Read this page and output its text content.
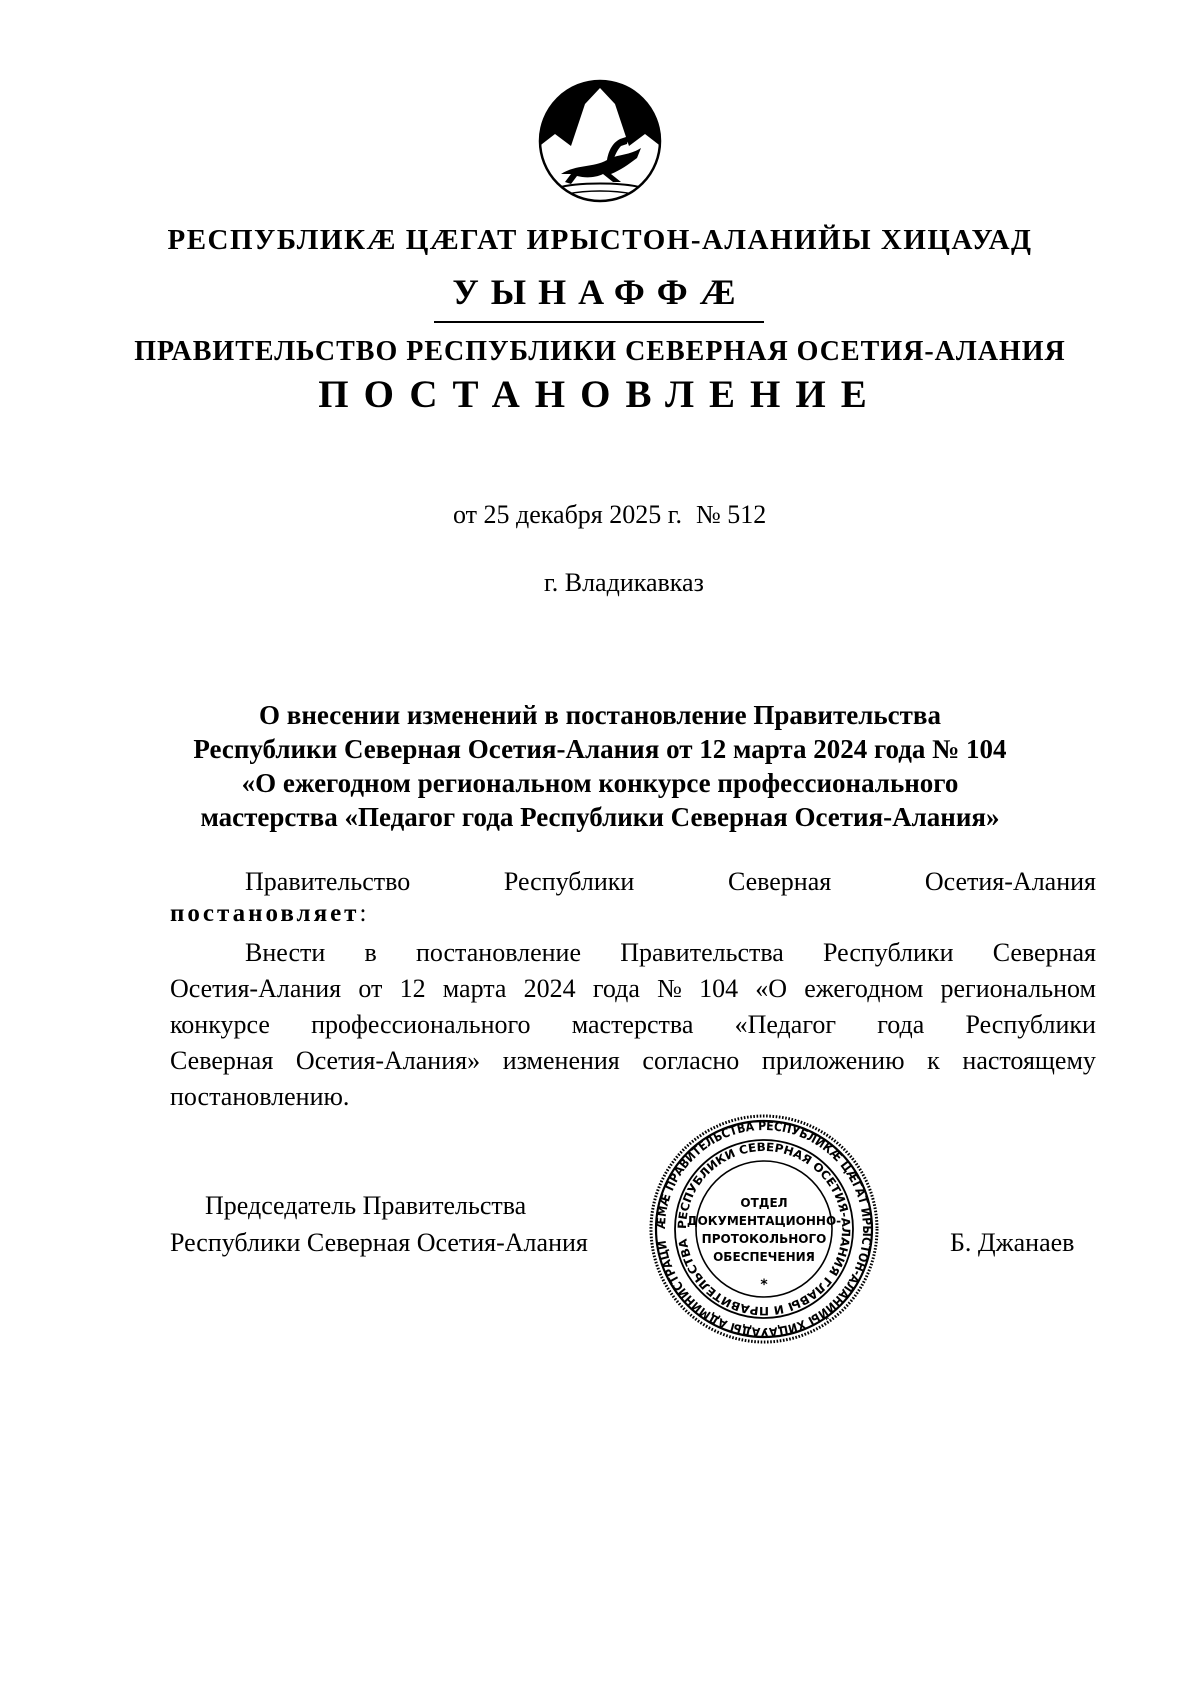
РЕСПУБЛИКÆ ЦÆГАТ ИРЫСТОН-АЛАНИЙЫ ХИЦАУАД
УЫНАФФÆ
ПРАВИТЕЛЬСТВО РЕСПУБЛИКИ СЕВЕРНАЯ ОСЕТИЯ-АЛАНИЯ
ПОСТАНОВЛЕНИЕ
от 25 декабря 2025 г. № 512
г. Владикавказ
О внесении изменений в постановление Правительства
Республики Северная Осетия-Алания от 12 марта 2024 года № 104
«О ежегодном региональном конкурсе профессионального
мастерства «Педагог года Республики Северная Осетия-Алания»
Правительство	Республики	Северная	Осетия-Алания
постановляет:
Внести в постановление Правительства Республики Северная
Осетия-Алания от 12 марта 2024 года № 104 «О ежегодном региональном
конкурсе профессионального мастерства «Педагог года Республики
Северная Осетия-Алания» изменения согласно приложению к настоящему
постановлению.
Председатель Правительства
Республики Северная Осетия-Алания	Б. Джанаев
ÆМÆ ПРАВИТЕЛЬСТВА РЕСПУБЛИКÆ ЦÆГАТ ИРЫСТОН-АЛАНИЙЫ ХИЦАУАДЫ АДМИНИСТРАЦИ
РЕСПУБЛИКИ СЕВЕРНАЯ ОСЕТИЯ-АЛАНИЯ ГЛАВЫ И ПРАВИТЕЛЬСТВА
ОТДЕЛ
ДОКУМЕНТАЦИОННО-
ПРОТОКОЛЬНОГО
ОБЕСПЕЧЕНИЯ
*
